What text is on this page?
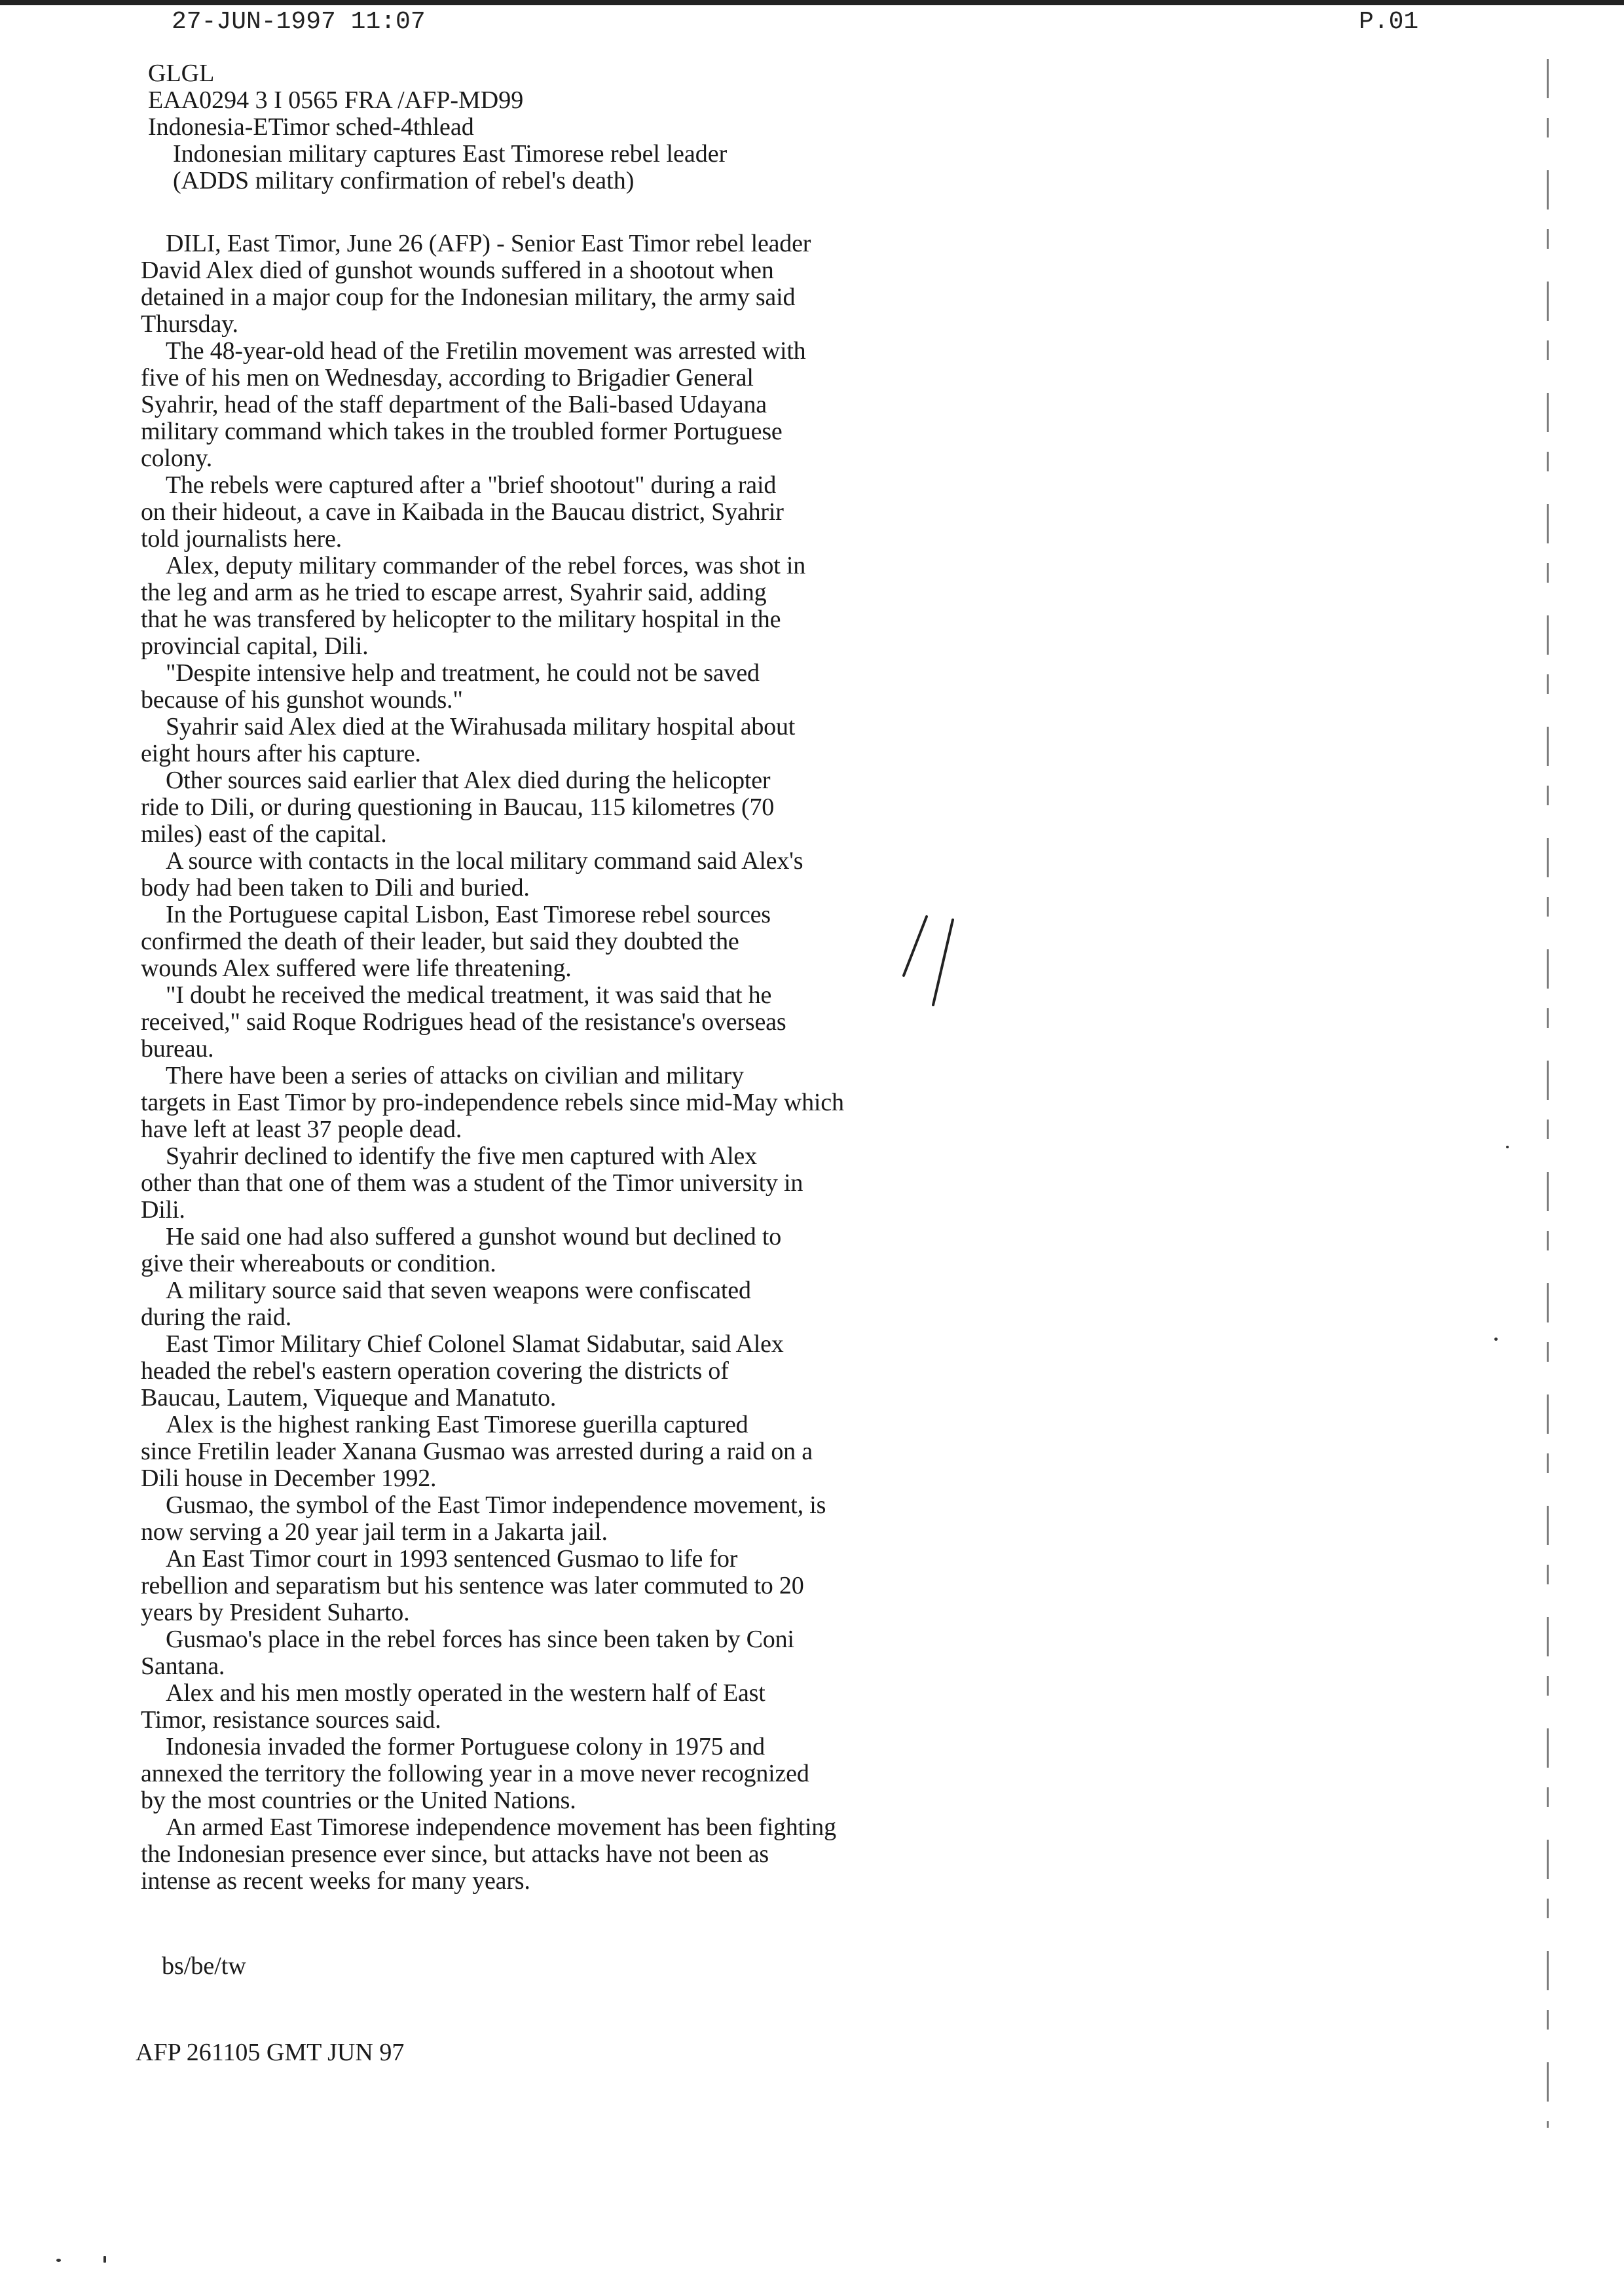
27-JUN-1997 11:07	P.01
GLGL
EAA0294 3 I 0565 FRA /AFP-MD99
Indonesia-ETimor sched-4thlead
Indonesian military captures East Timorese rebel leader
(ADDS military confirmation of rebel's death)
DILI, East Timor, June 26 (AFP) - Senior East Timor rebel leader
David Alex died of gunshot wounds suffered in a shootout when
detained in a major coup for the Indonesian military, the army said
Thursday.
The 48-year-old head of the Fretilin movement was arrested with
five of his men on Wednesday, according to Brigadier General
Syahrir, head of the staff department of the Bali-based Udayana
military command which takes in the troubled former Portuguese
colony.
The rebels were captured after a "brief shootout" during a raid
on their hideout, a cave in Kaibada in the Baucau district, Syahrir
told journalists here.
Alex, deputy military commander of the rebel forces, was shot in
the leg and arm as he tried to escape arrest, Syahrir said, adding
that he was transfered by helicopter to the military hospital in the
provincial capital, Dili.
"Despite intensive help and treatment, he could not be saved
because of his gunshot wounds."
Syahrir said Alex died at the Wirahusada military hospital about
eight hours after his capture.
Other sources said earlier that Alex died during the helicopter
ride to Dili, or during questioning in Baucau, 115 kilometres (70
miles) east of the capital.
A source with contacts in the local military command said Alex's
body had been taken to Dili and buried.
In the Portuguese capital Lisbon, East Timorese rebel sources
confirmed the death of their leader, but said they doubted the
wounds Alex suffered were life threatening.
"I doubt he received the medical treatment, it was said that he
received," said Roque Rodrigues head of the resistance's overseas
bureau.
There have been a series of attacks on civilian and military
targets in East Timor by pro-independence rebels since mid-May which
have left at least 37 people dead.
Syahrir declined to identify the five men captured with Alex
other than that one of them was a student of the Timor university in
Dili.
He said one had also suffered a gunshot wound but declined to
give their whereabouts or condition.
A military source said that seven weapons were confiscated
during the raid.
East Timor Military Chief Colonel Slamat Sidabutar, said Alex
headed the rebel's eastern operation covering the districts of
Baucau, Lautem, Viqueque and Manatuto.
Alex is the highest ranking East Timorese guerilla captured
since Fretilin leader Xanana Gusmao was arrested during a raid on a
Dili house in December 1992.
Gusmao, the symbol of the East Timor independence movement, is
now serving a 20 year jail term in a Jakarta jail.
An East Timor court in 1993 sentenced Gusmao to life for
rebellion and separatism but his sentence was later commuted to 20
years by President Suharto.
Gusmao's place in the rebel forces has since been taken by Coni
Santana.
Alex and his men mostly operated in the western half of East
Timor, resistance sources said.
Indonesia invaded the former Portuguese colony in 1975 and
annexed the territory the following year in a move never recognized
by the most countries or the United Nations.
An armed East Timorese independence movement has been fighting
the Indonesian presence ever since, but attacks have not been as
intense as recent weeks for many years.
bs/be/tw
AFP 261105 GMT JUN 97
